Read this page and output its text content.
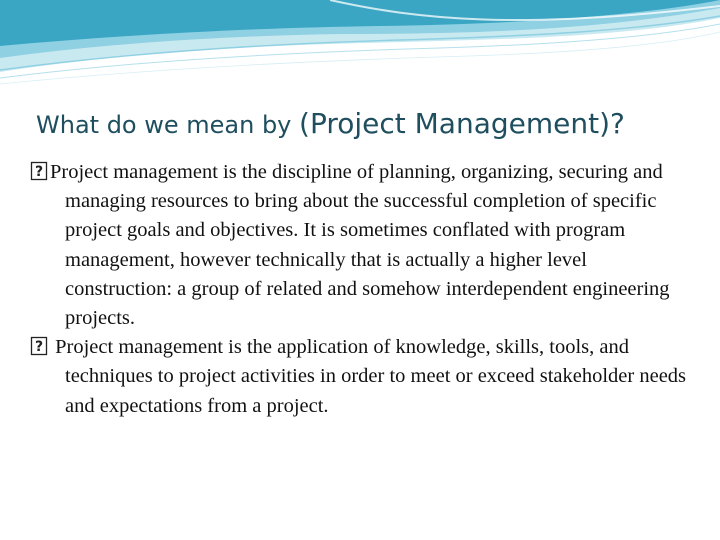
What do we mean by (Project Management)?

? Project management is the discipline of planning, organizing, securing and managing resources to bring about the successful completion of specific project goals and objectives. It is sometimes conflated with program management, however technically that is actually a higher level construction: a group of related and somehow interdependent engineering projects.

? Project management is the application of knowledge, skills, tools, and techniques to project activities in order to meet or exceed stakeholder needs and expectations from a project.
